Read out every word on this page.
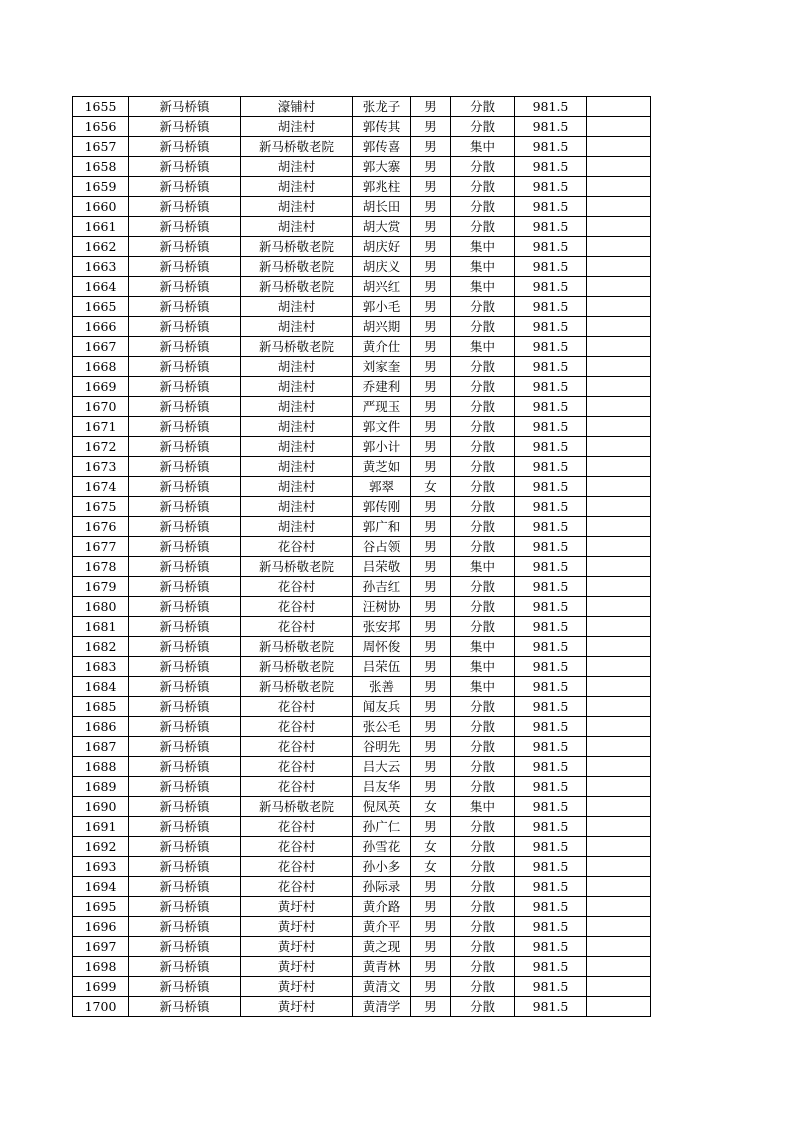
1655	新马桥镇	濠铺村	张龙子	男	分散	981.5	
1656	新马桥镇	胡洼村	郭传其	男	分散	981.5	
1657	新马桥镇	新马桥敬老院	郭传喜	男	集中	981.5	
1658	新马桥镇	胡洼村	郭大寨	男	分散	981.5	
1659	新马桥镇	胡洼村	郭兆柱	男	分散	981.5	
1660	新马桥镇	胡洼村	胡长田	男	分散	981.5	
1661	新马桥镇	胡洼村	胡大赏	男	分散	981.5	
1662	新马桥镇	新马桥敬老院	胡庆好	男	集中	981.5	
1663	新马桥镇	新马桥敬老院	胡庆义	男	集中	981.5	
1664	新马桥镇	新马桥敬老院	胡兴红	男	集中	981.5	
1665	新马桥镇	胡洼村	郭小毛	男	分散	981.5	
1666	新马桥镇	胡洼村	胡兴期	男	分散	981.5	
1667	新马桥镇	新马桥敬老院	黄介仕	男	集中	981.5	
1668	新马桥镇	胡洼村	刘家奎	男	分散	981.5	
1669	新马桥镇	胡洼村	乔建利	男	分散	981.5	
1670	新马桥镇	胡洼村	严现玉	男	分散	981.5	
1671	新马桥镇	胡洼村	郭文件	男	分散	981.5	
1672	新马桥镇	胡洼村	郭小计	男	分散	981.5	
1673	新马桥镇	胡洼村	黄芝如	男	分散	981.5	
1674	新马桥镇	胡洼村	郭翠	女	分散	981.5	
1675	新马桥镇	胡洼村	郭传刚	男	分散	981.5	
1676	新马桥镇	胡洼村	郭广和	男	分散	981.5	
1677	新马桥镇	花谷村	谷占领	男	分散	981.5	
1678	新马桥镇	新马桥敬老院	吕荣敬	男	集中	981.5	
1679	新马桥镇	花谷村	孙吉红	男	分散	981.5	
1680	新马桥镇	花谷村	汪树协	男	分散	981.5	
1681	新马桥镇	花谷村	张安邦	男	分散	981.5	
1682	新马桥镇	新马桥敬老院	周怀俊	男	集中	981.5	
1683	新马桥镇	新马桥敬老院	吕荣伍	男	集中	981.5	
1684	新马桥镇	新马桥敬老院	张善	男	集中	981.5	
1685	新马桥镇	花谷村	闻友兵	男	分散	981.5	
1686	新马桥镇	花谷村	张公毛	男	分散	981.5	
1687	新马桥镇	花谷村	谷明先	男	分散	981.5	
1688	新马桥镇	花谷村	吕大云	男	分散	981.5	
1689	新马桥镇	花谷村	吕友华	男	分散	981.5	
1690	新马桥镇	新马桥敬老院	倪凤英	女	集中	981.5	
1691	新马桥镇	花谷村	孙广仁	男	分散	981.5	
1692	新马桥镇	花谷村	孙雪花	女	分散	981.5	
1693	新马桥镇	花谷村	孙小多	女	分散	981.5	
1694	新马桥镇	花谷村	孙际录	男	分散	981.5	
1695	新马桥镇	黄圩村	黄介路	男	分散	981.5	
1696	新马桥镇	黄圩村	黄介平	男	分散	981.5	
1697	新马桥镇	黄圩村	黄之现	男	分散	981.5	
1698	新马桥镇	黄圩村	黄青林	男	分散	981.5	
1699	新马桥镇	黄圩村	黄清文	男	分散	981.5	
1700	新马桥镇	黄圩村	黄清学	男	分散	981.5	
